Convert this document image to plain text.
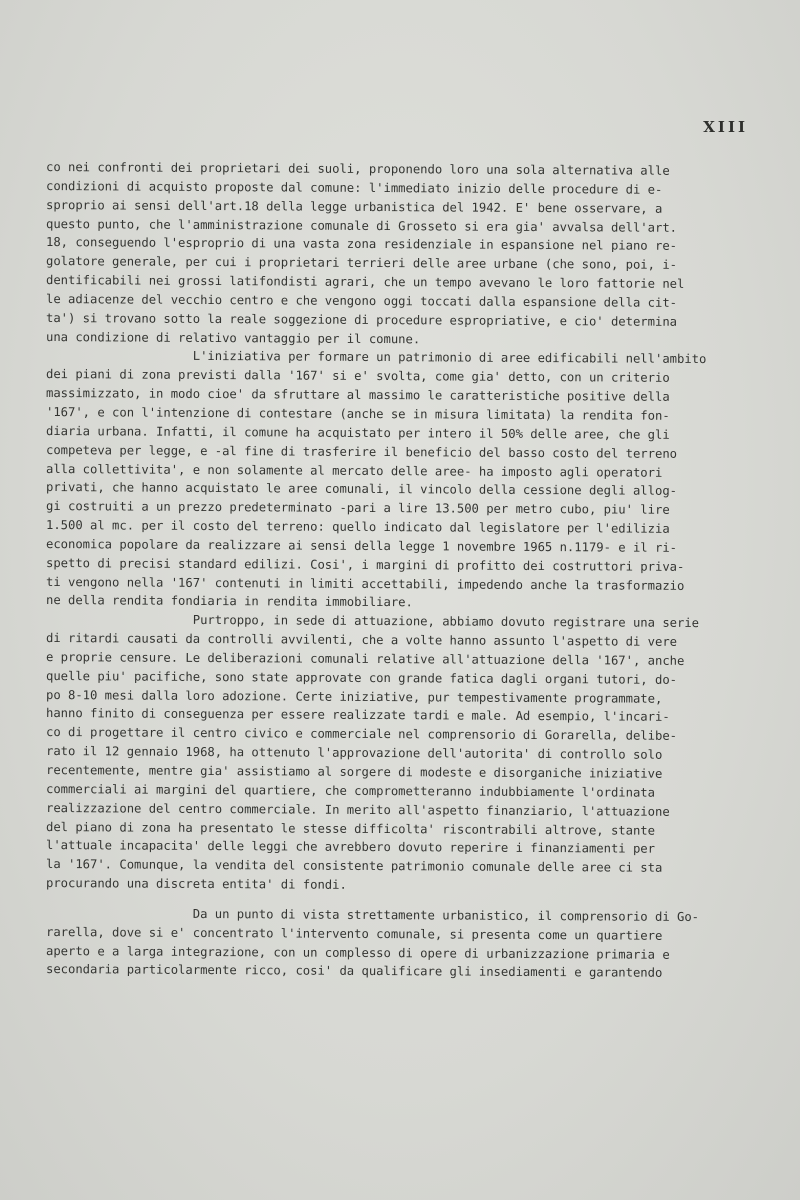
XIII
co nei confronti dei proprietari dei suoli, proponendo loro una sola alternativa alle
condizioni di acquisto proposte dal comune: l'immediato inizio delle procedure di e-
sproprio ai sensi dell'art.18 della legge urbanistica del 1942. E' bene osservare, a
questo punto, che l'amministrazione comunale di Grosseto si era gia' avvalsa dell'art.
18, conseguendo l'esproprio di una vasta zona residenziale in espansione nel piano re-
golatore generale, per cui i proprietari terrieri delle aree urbane (che sono, poi, i-
dentificabili nei grossi latifondisti agrari, che un tempo avevano le loro fattorie nel
le adiacenze del vecchio centro e che vengono oggi toccati dalla espansione della cit-
ta') si trovano sotto la reale soggezione di procedure espropriative, e cio' determina
una condizione di relativo vantaggio per il comune.
L'iniziativa per formare un patrimonio di aree edificabili nell'ambito
dei piani di zona previsti dalla '167' si e' svolta, come gia' detto, con un criterio
massimizzato, in modo cioe' da sfruttare al massimo le caratteristiche positive della
'167', e con l'intenzione di contestare (anche se in misura limitata) la rendita fon-
diaria urbana. Infatti, il comune ha acquistato per intero il 50% delle aree, che gli
competeva per legge, e -al fine di trasferire il beneficio del basso costo del terreno
alla collettivita', e non solamente al mercato delle aree- ha imposto agli operatori
privati, che hanno acquistato le aree comunali, il vincolo della cessione degli allog-
gi costruiti a un prezzo predeterminato -pari a lire 13.500 per metro cubo, piu' lire
1.500 al mc. per il costo del terreno: quello indicato dal legislatore per l'edilizia
economica popolare da realizzare ai sensi della legge 1 novembre 1965 n.1179- e il ri-
spetto di precisi standard edilizi. Cosi', i margini di profitto dei costruttori priva-
ti vengono nella '167' contenuti in limiti accettabili, impedendo anche la trasformazio
ne della rendita fondiaria in rendita immobiliare.
Purtroppo, in sede di attuazione, abbiamo dovuto registrare una serie
di ritardi causati da controlli avvilenti, che a volte hanno assunto l'aspetto di vere
e proprie censure. Le deliberazioni comunali relative all'attuazione della '167', anche
quelle piu' pacifiche, sono state approvate con grande fatica dagli organi tutori, do-
po 8-10 mesi dalla loro adozione. Certe iniziative, pur tempestivamente programmate,
hanno finito di conseguenza per essere realizzate tardi e male. Ad esempio, l'incari-
co di progettare il centro civico e commerciale nel comprensorio di Gorarella, delibe-
rato il 12 gennaio 1968, ha ottenuto l'approvazione dell'autorita' di controllo solo
recentemente, mentre gia' assistiamo al sorgere di modeste e disorganiche iniziative
commerciali ai margini del quartiere, che comprometteranno indubbiamente l'ordinata
realizzazione del centro commerciale. In merito all'aspetto finanziario, l'attuazione
del piano di zona ha presentato le stesse difficolta' riscontrabili altrove, stante
l'attuale incapacita' delle leggi che avrebbero dovuto reperire i finanziamenti per
la '167'. Comunque, la vendita del consistente patrimonio comunale delle aree ci sta
procurando una discreta entita' di fondi.
Da un punto di vista strettamente urbanistico, il comprensorio di Go-
rarella, dove si e' concentrato l'intervento comunale, si presenta come un quartiere
aperto e a larga integrazione, con un complesso di opere di urbanizzazione primaria e
secondaria particolarmente ricco, cosi' da qualificare gli insediamenti e garantendo
